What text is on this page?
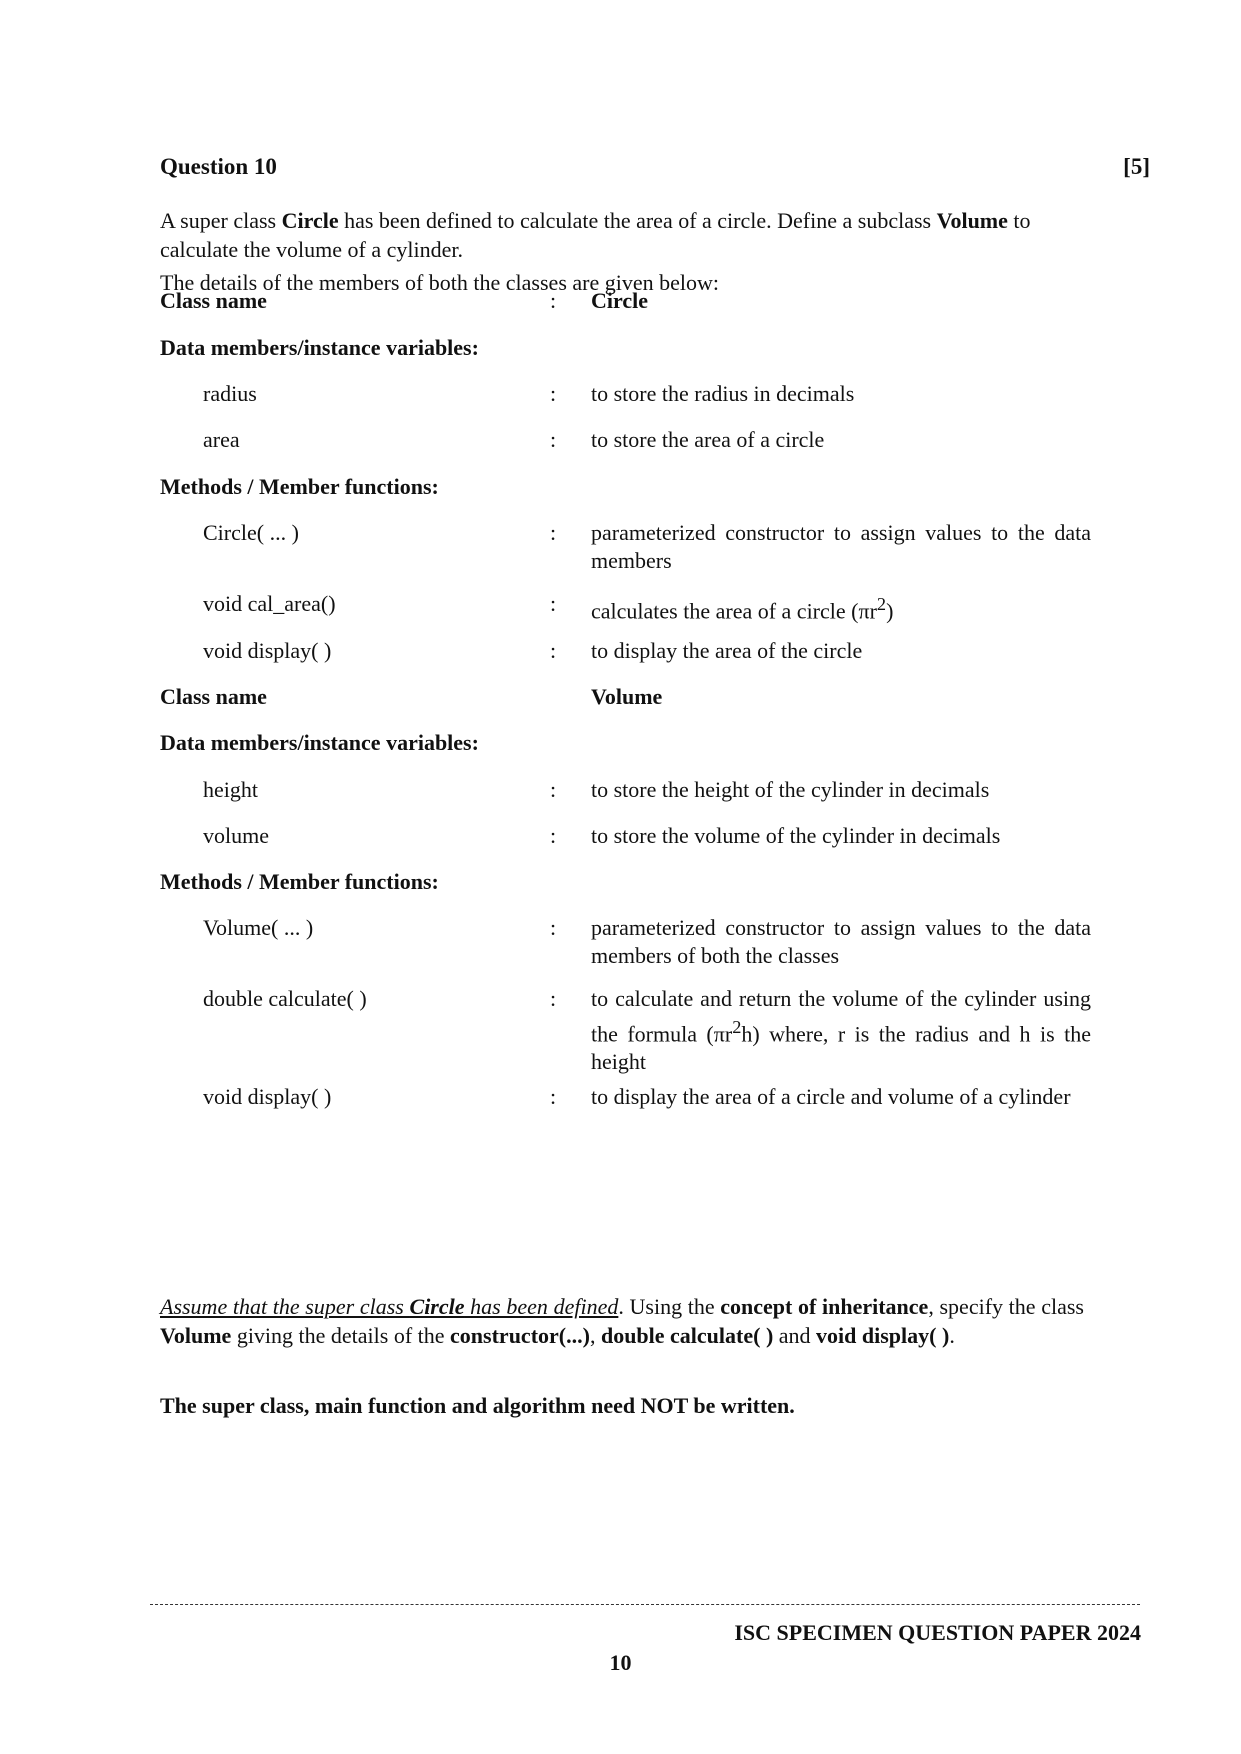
Question 10	[5]

A super class Circle has been defined to calculate the area of a circle. Define a subclass Volume to calculate the volume of a cylinder.

The details of the members of both the classes are given below:

Class name	: Circle
Data members/instance variables:
radius	: to store the radius in decimals
area	: to store the area of a circle
Methods / Member functions:
Circle( ... )	: parameterized constructor to assign values to the data members
void cal_area()	: calculates the area of a circle $(\pi r^2)$
void display( )	: to display the area of the circle
Class name	Volume
Data members/instance variables:
height	: to store the height of the cylinder in decimals
volume	: to store the volume of the cylinder in decimals
Methods / Member functions:
Volume( ... )	: parameterized constructor to assign values to the data members of both the classes
double calculate( )	: to calculate and return the volume of the cylinder using the formula $(\pi r^2h)$ where, r is the radius and h is the height
void display( )	: to display the area of a circle and volume of a cylinder

Assume that the super class Circle has been defined. Using the concept of inheritance, specify the class Volume giving the details of the constructor(...), double calculate( ) and void display( ).

The super class, main function and algorithm need NOT be written.

ISC SPECIMEN QUESTION PAPER 2024
10
